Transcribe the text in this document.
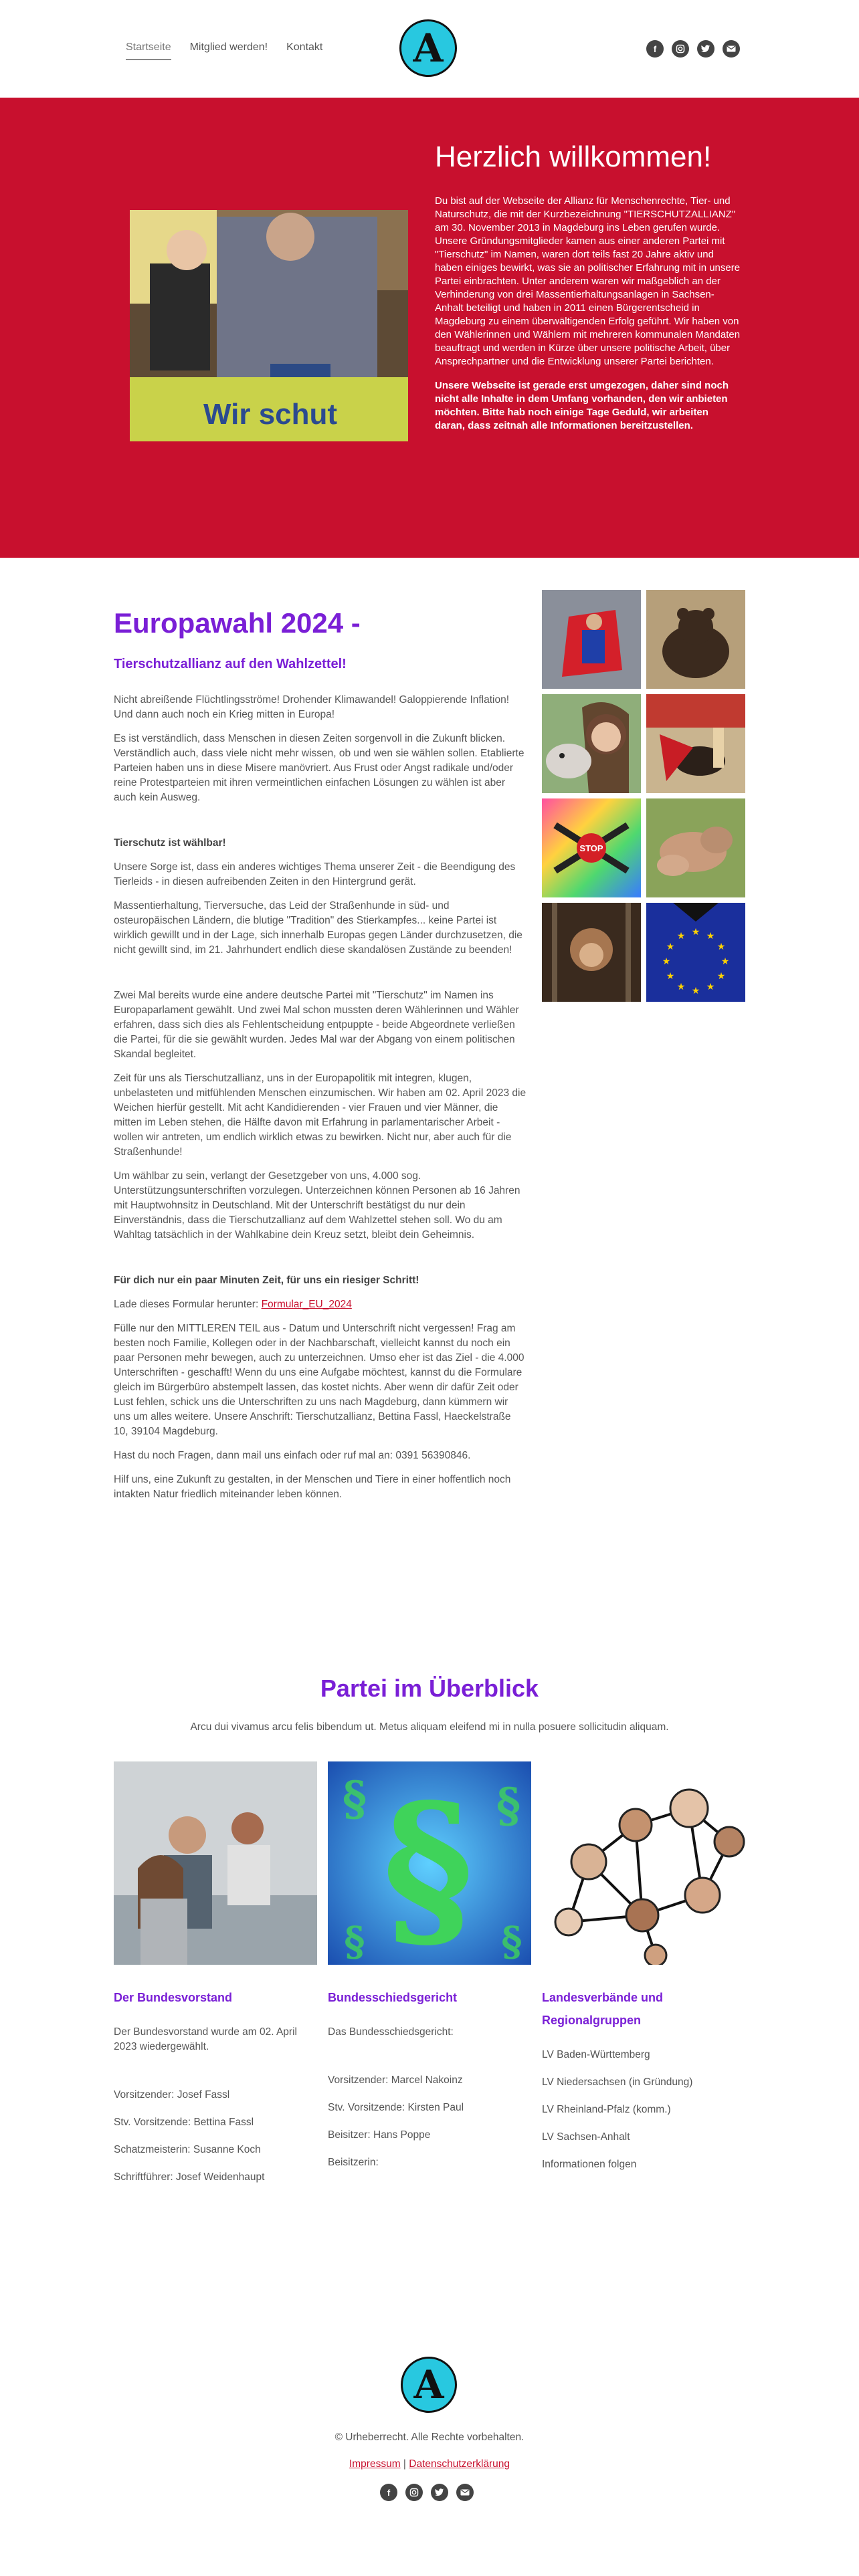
Startseite Mitglied werden! Kontakt A	f
Wir schut
Herzlich willkommen!

Du bist auf der Webseite der Allianz für Menschenrechte, Tier- und Naturschutz, die mit der Kurzbezeichnung "TIERSCHUTZALLIANZ" am 30. November 2013 in Magdeburg ins Leben gerufen wurde. Unsere Gründungsmitglieder kamen aus einer anderen Partei mit "Tierschutz" im Namen, waren dort teils fast 20 Jahre aktiv und haben einiges bewirkt, was sie an politischer Erfahrung mit in unsere Partei einbrachten. Unter anderem waren wir maßgeblich an der Verhinderung von drei Massentierhaltungsanlagen in Sachsen-Anhalt beteiligt und haben in 2011 einen Bürgerentscheid in Magdeburg zu einem überwältigenden Erfolg geführt. Wir haben von den Wählerinnen und Wählern mit mehreren kommunalen Mandaten beauftragt und werden in Kürze über unsere politische Arbeit, über Ansprechpartner und die Entwicklung unserer Partei berichten.

Unsere Webseite ist gerade erst umgezogen, daher sind noch nicht alle Inhalte in dem Umfang vorhanden, den wir anbieten möchten. Bitte hab noch einige Tage Geduld, wir arbeiten daran, dass zeitnah alle Informationen bereitzustellen.

Europawahl 2024 -
Tierschutzallianz auf den Wahlzettel!

Nicht abreißende Flüchtlingsströme! Drohender Klimawandel! Galoppierende Inflation! Und dann auch noch ein Krieg mitten in Europa!

Es ist verständlich, dass Menschen in diesen Zeiten sorgenvoll in die Zukunft blicken. Verständlich auch, dass viele nicht mehr wissen, ob und wen sie wählen sollen. Etablierte Parteien haben uns in diese Misere manövriert. Aus Frust oder Angst radikale und/oder reine Protestparteien mit ihren vermeintlichen einfachen Lösungen zu wählen ist aber auch kein Ausweg.

Tierschutz ist wählbar!

Unsere Sorge ist, dass ein anderes wichtiges Thema unserer Zeit - die Beendigung des Tierleids - in diesen aufreibenden Zeiten in den Hintergrund gerät.

Massentierhaltung, Tierversuche, das Leid der Straßenhunde in süd- und osteuropäischen Ländern, die blutige "Tradition" des Stierkampfes... keine Partei ist wirklich gewillt und in der Lage, sich innerhalb Europas gegen Länder durchzusetzen, die nicht gewillt sind, im 21. Jahrhundert endlich diese skandalösen Zustände zu beenden!

Zwei Mal bereits wurde eine andere deutsche Partei mit "Tierschutz" im Namen ins Europaparlament gewählt. Und zwei Mal schon mussten deren Wählerinnen und Wähler erfahren, dass sich dies als Fehlentscheidung entpuppte - beide Abgeordnete verließen die Partei, für die sie gewählt wurden. Jedes Mal war der Abgang von einem politischen Skandal begleitet.

Zeit für uns als Tierschutzallianz, uns in der Europapolitik mit integren, klugen, unbelasteten und mitfühlenden Menschen einzumischen. Wir haben am 02. April 2023 die Weichen hierfür gestellt. Mit acht Kandidierenden - vier Frauen und vier Männer, die mitten im Leben stehen, die Hälfte davon mit Erfahrung in parlamentarischer Arbeit - wollen wir antreten, um endlich wirklich etwas zu bewirken. Nicht nur, aber auch für die Straßenhunde!

Um wählbar zu sein, verlangt der Gesetzgeber von uns, 4.000 sog. Unterstützungsunterschriften vorzulegen. Unterzeichnen können Personen ab 16 Jahren mit Hauptwohnsitz in Deutschland. Mit der Unterschrift bestätigst du nur dein Einverständnis, dass die Tierschutzallianz auf dem Wahlzettel stehen soll. Wo du am Wahltag tatsächlich in der Wahlkabine dein Kreuz setzt, bleibt dein Geheimnis.

Für dich nur ein paar Minuten Zeit, für uns ein riesiger Schritt!

Lade dieses Formular herunter: Formular_EU_2024

Fülle nur den MITTLEREN TEIL aus - Datum und Unterschrift nicht vergessen! Frag am besten noch Familie, Kollegen oder in der Nachbarschaft, vielleicht kannst du noch ein paar Personen mehr bewegen, auch zu unterzeichnen. Umso eher ist das Ziel - die 4.000 Unterschriften - geschafft! Wenn du uns eine Aufgabe möchtest, kannst du die Formulare gleich im Bürgerbüro abstempelt lassen, das kostet nichts. Aber wenn dir dafür Zeit oder Lust fehlen, schick uns die Unterschriften zu uns nach Magdeburg, dann kümmern wir uns um alles weitere. Unsere Anschrift: Tierschutzallianz, Bettina Fassl, Haeckelstraße 10, 39104 Magdeburg.

Hast du noch Fragen, dann mail uns einfach oder ruf mal an: 0391 56390846.

Hilf uns, eine Zukunft zu gestalten, in der Menschen und Tiere in einer hoffentlich noch intakten Natur friedlich miteinander leben können.

STOP
★ ★
★
★
★
★
★
★
★
★
★
★
Partei im Überblick

Arcu dui vivamus arcu felis bibendum ut. Metus aliquam eleifend mi in nulla posuere sollicitudin aliquam.

Der Bundesvorstand

Der Bundesvorstand wurde am 02. April 2023 wiedergewählt.

Vorsitzender: Josef Fassl

Stv. Vorsitzende: Bettina Fassl

Schatzmeisterin: Susanne Koch

Schriftführer: Josef Weidenhaupt

§
§	§
§	§
Bundesschiedsgericht

Das Bundesschiedsgericht:

Vorsitzender: Marcel Nakoinz

Stv. Vorsitzende: Kirsten Paul

Beisitzer: Hans Poppe

Beisitzerin:

Landesverbände und Regionalgruppen

LV Baden-Württemberg

LV Niedersachsen (in Gründung)

LV Rheinland-Pfalz (komm.)

LV Sachsen-Anhalt

Informationen folgen

A

© Urheberrecht. Alle Rechte vorbehalten.

Impressum | Datenschutzerklärung

f
